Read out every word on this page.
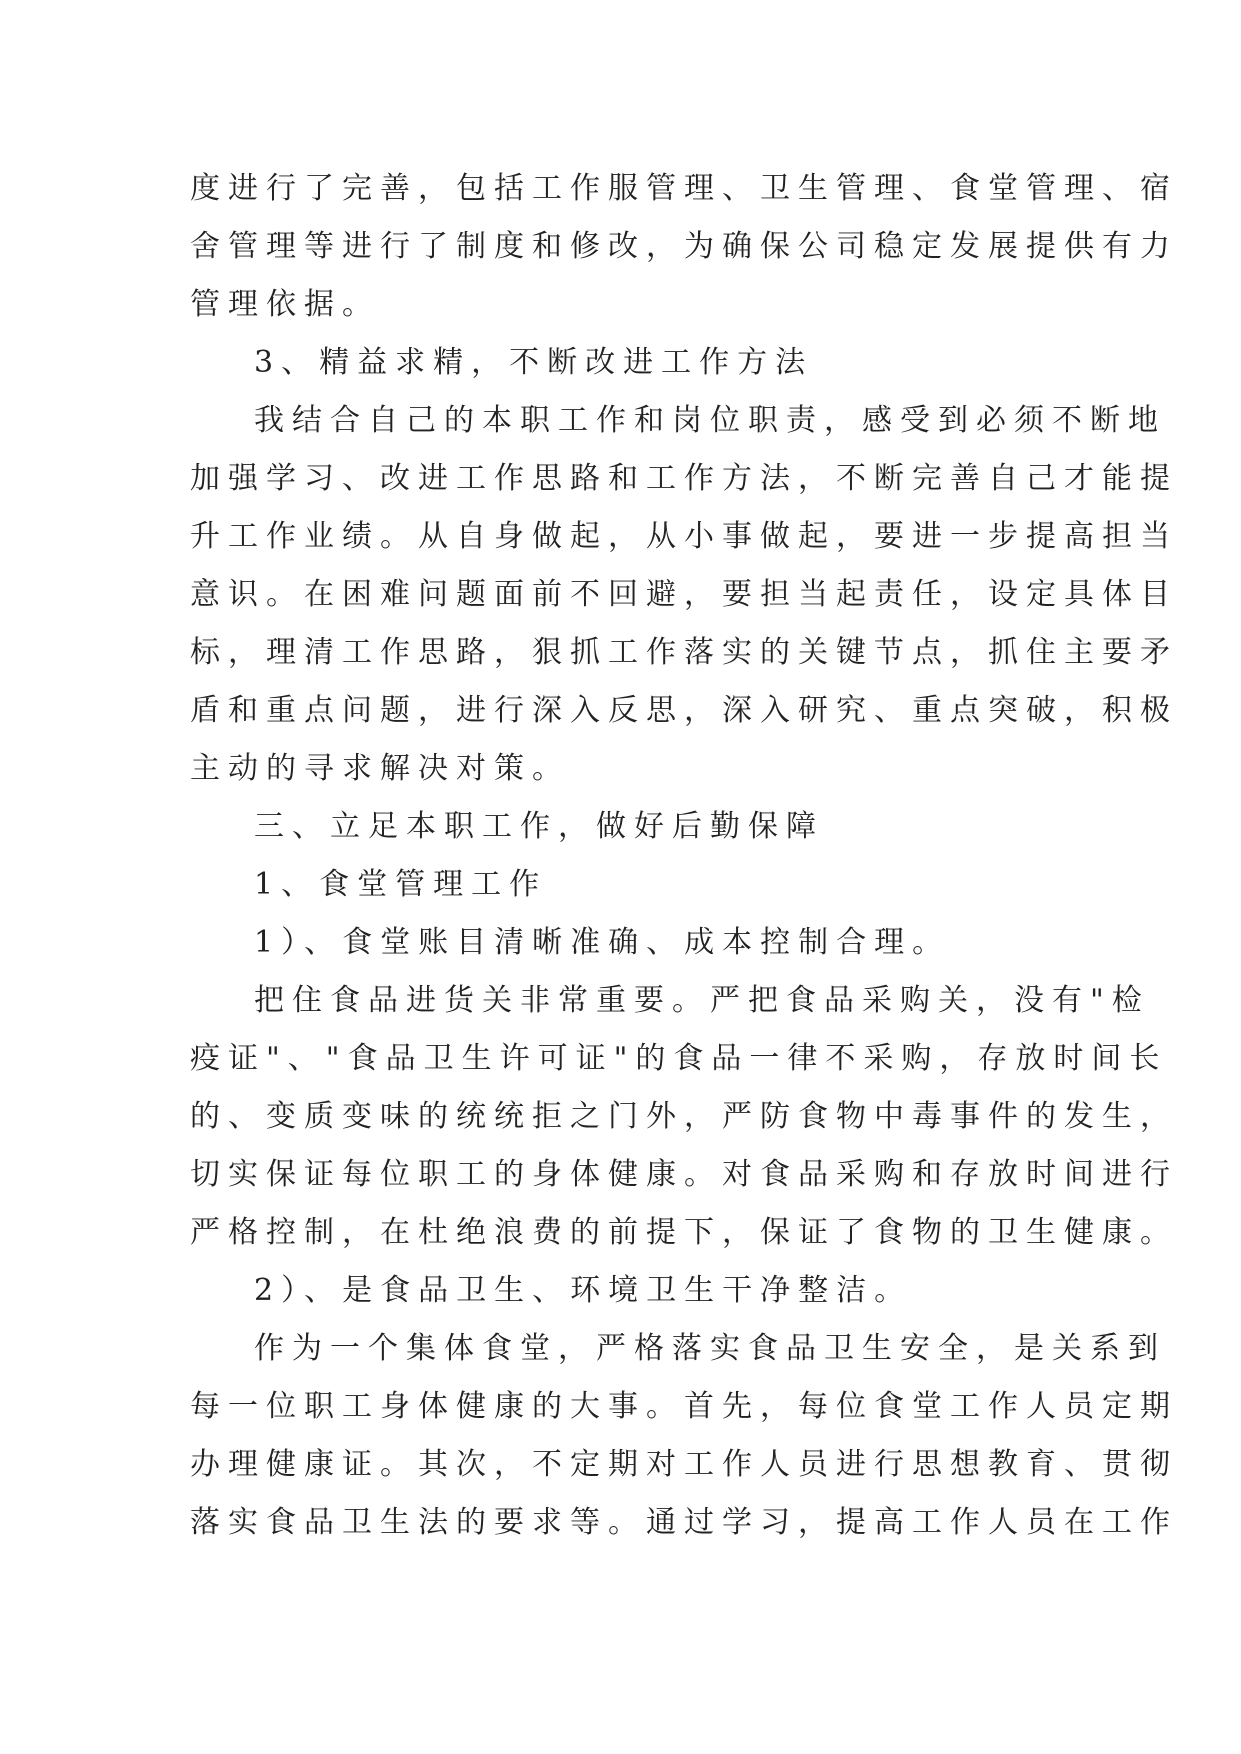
度进行了完善，包括工作服管理、卫生管理、食堂管理、宿
舍管理等进行了制度和修改，为确保公司稳定发展提供有力
管理依据。
3、精益求精，不断改进工作方法
我结合自己的本职工作和岗位职责，感受到必须不断地
加强学习、改进工作思路和工作方法，不断完善自己才能提
升工作业绩。从自身做起，从小事做起，要进一步提高担当
意识。在困难问题面前不回避，要担当起责任，设定具体目
标，理清工作思路，狠抓工作落实的关键节点，抓住主要矛
盾和重点问题，进行深入反思，深入研究、重点突破，积极
主动的寻求解决对策。
三、立足本职工作，做好后勤保障
1、食堂管理工作
1）、食堂账目清晰准确、成本控制合理。
把住食品进货关非常重要。严把食品采购关，没有"检
疫证"、"食品卫生许可证"的食品一律不采购，存放时间长
的、变质变味的统统拒之门外，严防食物中毒事件的发生，
切实保证每位职工的身体健康。对食品采购和存放时间进行
严格控制，在杜绝浪费的前提下，保证了食物的卫生健康。
2）、是食品卫生、环境卫生干净整洁。
作为一个集体食堂，严格落实食品卫生安全，是关系到
每一位职工身体健康的大事。首先，每位食堂工作人员定期
办理健康证。其次，不定期对工作人员进行思想教育、贯彻
落实食品卫生法的要求等。通过学习，提高工作人员在工作
